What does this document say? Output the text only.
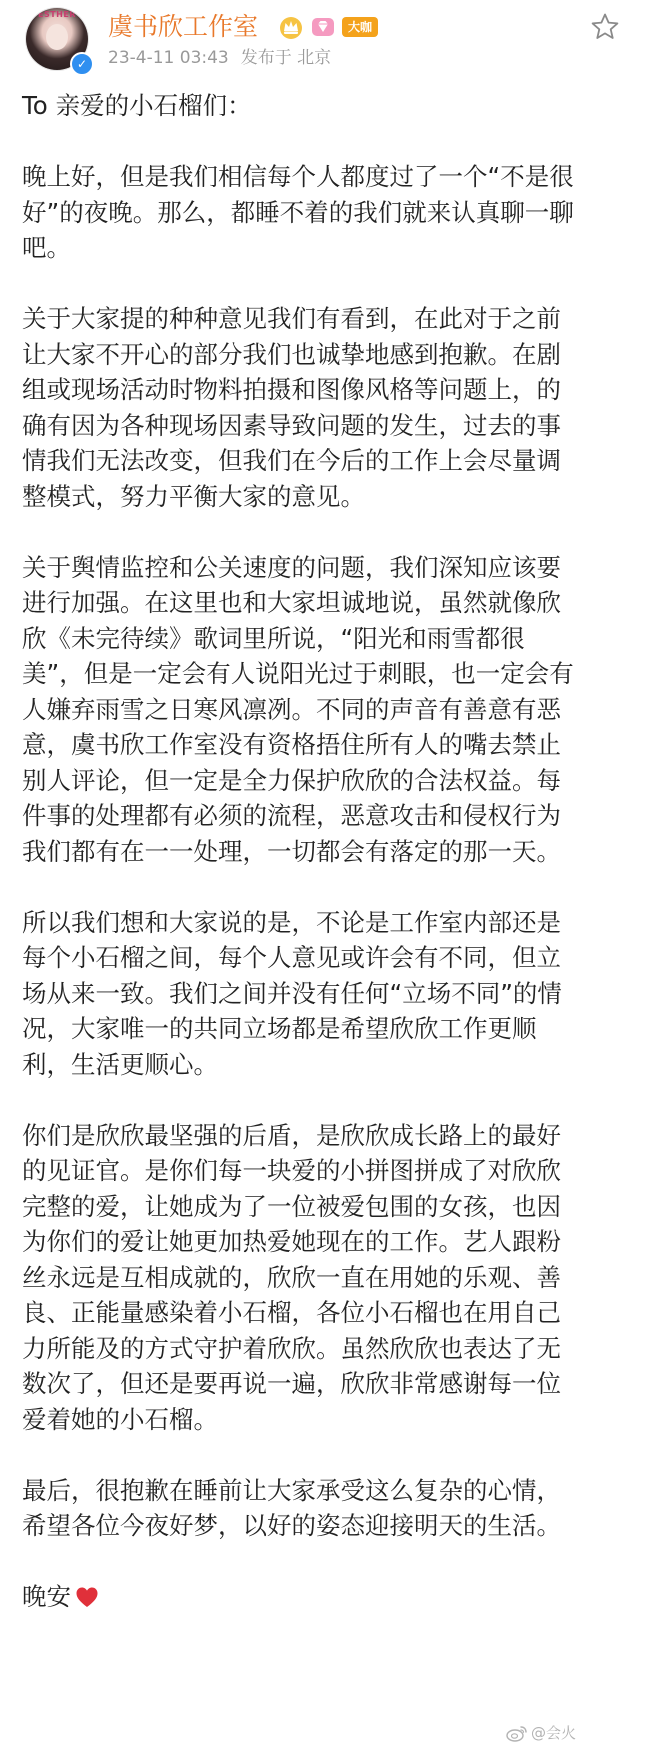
ESTHER
✓
虞书欣工作室	大咖
23-4-11 03:43 发布于 北京

To 亲爱的小石榴们：

晚上好，但是我们相信每个人都度过了一个“不是很

好”的夜晚。那么，都睡不着的我们就来认真聊一聊

吧。

关于大家提的种种意见我们有看到，在此对于之前

让大家不开心的部分我们也诚挚地感到抱歉。在剧

组或现场活动时物料拍摄和图像风格等问题上，的

确有因为各种现场因素导致问题的发生，过去的事

情我们无法改变，但我们在今后的工作上会尽量调

整模式，努力平衡大家的意见。

关于舆情监控和公关速度的问题，我们深知应该要

进行加强。在这里也和大家坦诚地说，虽然就像欣

欣《未完待续》歌词里所说，“阳光和雨雪都很

美”，但是一定会有人说阳光过于刺眼，也一定会有

人嫌弃雨雪之日寒风凛冽。不同的声音有善意有恶

意，虞书欣工作室没有资格捂住所有人的嘴去禁止

别人评论，但一定是全力保护欣欣的合法权益。每

件事的处理都有必须的流程，恶意攻击和侵权行为

我们都有在一一处理，一切都会有落定的那一天。

所以我们想和大家说的是，不论是工作室内部还是

每个小石榴之间，每个人意见或许会有不同，但立

场从来一致。我们之间并没有任何“立场不同”的情

况，大家唯一的共同立场都是希望欣欣工作更顺

利，生活更顺心。

你们是欣欣最坚强的后盾，是欣欣成长路上的最好

的见证官。是你们每一块爱的小拼图拼成了对欣欣

完整的爱，让她成为了一位被爱包围的女孩，也因

为你们的爱让她更加热爱她现在的工作。艺人跟粉

丝永远是互相成就的，欣欣一直在用她的乐观、善

良、正能量感染着小石榴，各位小石榴也在用自己

力所能及的方式守护着欣欣。虽然欣欣也表达了无

数次了，但还是要再说一遍，欣欣非常感谢每一位

爱着她的小石榴。

最后，很抱歉在睡前让大家承受这么复杂的心情，

希望各位今夜好梦，以好的姿态迎接明天的生活。

晚安

@会火
